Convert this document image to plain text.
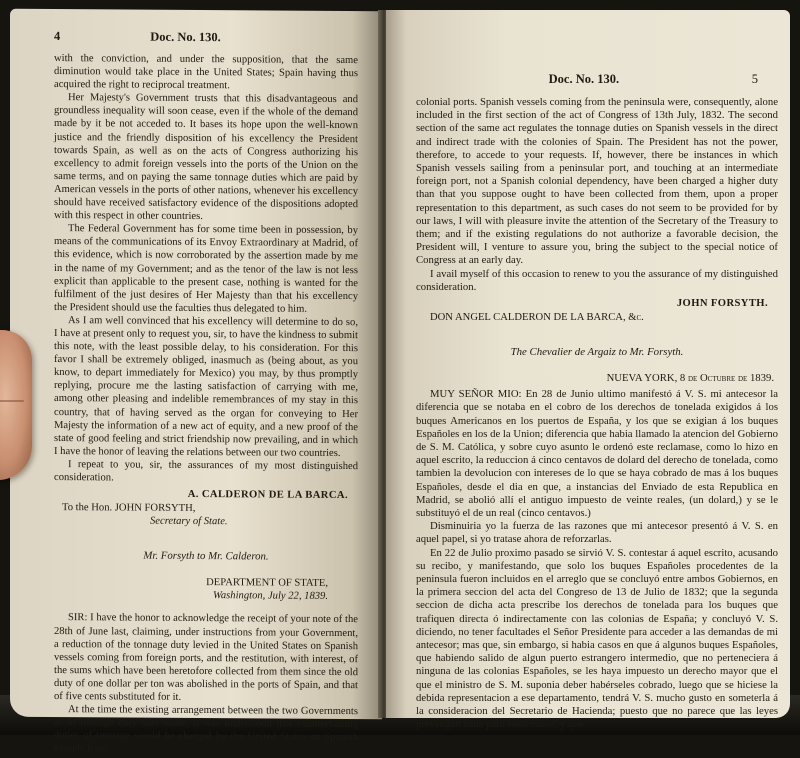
4	Doc. No. 130.

with the conviction, and under the supposition, that the same diminution would take place in the United States; Spain having thus acquired the right to reciprocal treatment.

Her Majesty's Government trusts that this disadvantageous and groundless inequality will soon cease, even if the whole of the demand made by it be not acceded to. It bases its hope upon the well-known justice and the friendly disposition of his excellency the President towards Spain, as well as on the acts of Congress authorizing his excellency to admit foreign vessels into the ports of the Union on the same terms, and on paying the same tonnage duties which are paid by American vessels in the ports of other nations, whenever his excellency should have received satisfactory evidence of the dispositions adopted with this respect in other countries.

The Federal Government has for some time been in possession, by means of the communications of its Envoy Extraordinary at Madrid, of this evidence, which is now corroborated by the assertion made by me in the name of my Government; and as the tenor of the law is not less explicit than applicable to the present case, nothing is wanted for the fulfilment of the just desires of Her Majesty than that his excellency the President should use the faculties thus delegated to him.

As I am well convinced that his excellency will determine to do so, I have at present only to request you, sir, to have the kindness to submit this note, with the least possible delay, to his consideration. For this favor I shall be extremely obliged, inasmuch as (being about, as you know, to depart immediately for Mexico) you may, by thus promptly replying, procure me the lasting satisfaction of carrying with me, among other pleasing and indelible remembrances of my stay in this country, that of having served as the organ for conveying to Her Majesty the information of a new act of equity, and a new proof of the state of good feeling and strict friendship now prevailing, and in which I have the honor of leaving the relations between our two countries.

I repeat to you, sir, the assurances of my most distinguished consideration.

A. CALDERON DE LA BARCA.
To the Hon. JOHN FORSYTH,
Secretary of State.
Mr. Forsyth to Mr. Calderon.
DEPARTMENT OF STATE,
Washington, July 22, 1839.

SIR: I have the honor to acknowledge the receipt of your note of the 28th of June last, claiming, under instructions from your Government, a reduction of the tonnage duty levied in the United States on Spanish vessels coming from foreign ports, and the restitution, with interest, of the sums which have been heretofore collected from them since the old duty of one dollar per ton was abolished in the ports of Spain, and that of five cents substituted for it.

At the time the existing arrangement between the two Governments as to tonnage duty was made, it was understood that countervailing duties of tonnage would be charged by the United States on Spanish vessels from

Doc. No. 130.	5

colonial ports. Spanish vessels coming from the peninsula were, consequently, alone included in the first section of the act of Congress of 13th July, 1832. The second section of the same act regulates the tonnage duties on Spanish vessels in the direct and indirect trade with the colonies of Spain. The President has not the power, therefore, to accede to your requests. If, however, there be instances in which Spanish vessels sailing from a peninsular port, and touching at an intermediate foreign port, not a Spanish colonial dependency, have been charged a higher duty than that you suppose ought to have been collected from them, upon a proper representation to this department, as such cases do not seem to be provided for by our laws, I will with pleasure invite the attention of the Secretary of the Treasury to them; and if the existing regulations do not authorize a favorable decision, the President will, I venture to assure you, bring the subject to the special notice of Congress at an early day.

I avail myself of this occasion to renew to you the assurance of my distinguished consideration.

JOHN FORSYTH.
DON ANGEL CALDERON DE LA BARCA, &c.
The Chevalier de Argaiz to Mr. Forsyth.
NUEVA YORK, 8 de Octubre de 1839.

MUY SEÑOR MIO: En 28 de Junio ultimo manifestó á V. S. mi antecesor la diferencia que se notaba en el cobro de los derechos de tonelada exigidos á los buques Americanos en los puertos de España, y los que se exigian á los buques Españoles en los de la Union; diferencia que habia llamado la atencion del Gobierno de S. M. Católica, y sobre cuyo asunto le ordenó este reclamase, como lo hizo en aquel escrito, la reduccion á cinco centavos de dolard del derecho de tonelada, como tambien la devolucion con intereses de lo que se haya cobrado de mas á los buques Españoles, desde el dia en que, a instancias del Enviado de esta Republica en Madrid, se abolió allí el antiguo impuesto de veinte reales, (un dolard,) y se le substituyó el de un real (cinco centavos.)

Disminuiria yo la fuerza de las razones que mi antecesor presentó á V. S. en aquel papel, si yo tratase ahora de reforzarlas.

En 22 de Julio proximo pasado se sirvió V. S. contestar á aquel escrito, acusando su recibo, y manifestando, que solo los buques Españoles procedentes de la peninsula fueron incluidos en el arreglo que se concluyó entre ambos Gobiernos, en la primera seccion del acta del Congreso de 13 de Julio de 1832; que la segunda seccion de dicha acta prescribe los derechos de tonelada para los buques que trafiquen directa ó indirectamente con las colonias de España; y concluyó V. S. diciendo, no tener facultades el Señor Presidente para acceder a las demandas de mi antecesor; mas que, sin embargo, si habia casos en que á algunos buques Españoles, que habiendo salido de algun puerto estrangero intermedio, que no perteneciera á ninguna de las colonias Españoles, se les haya impuesto un derecho mayor que el que el ministro de S. M. suponia deber habérseles cobrado, luego que se hiciese la debida representacion a ese departamento, tendrá V. S. mucho gusto en someterla á la consideracion del Secretario de Hacienda; puesto que no parece que las leyes prevengan nada para estos casos; y que
